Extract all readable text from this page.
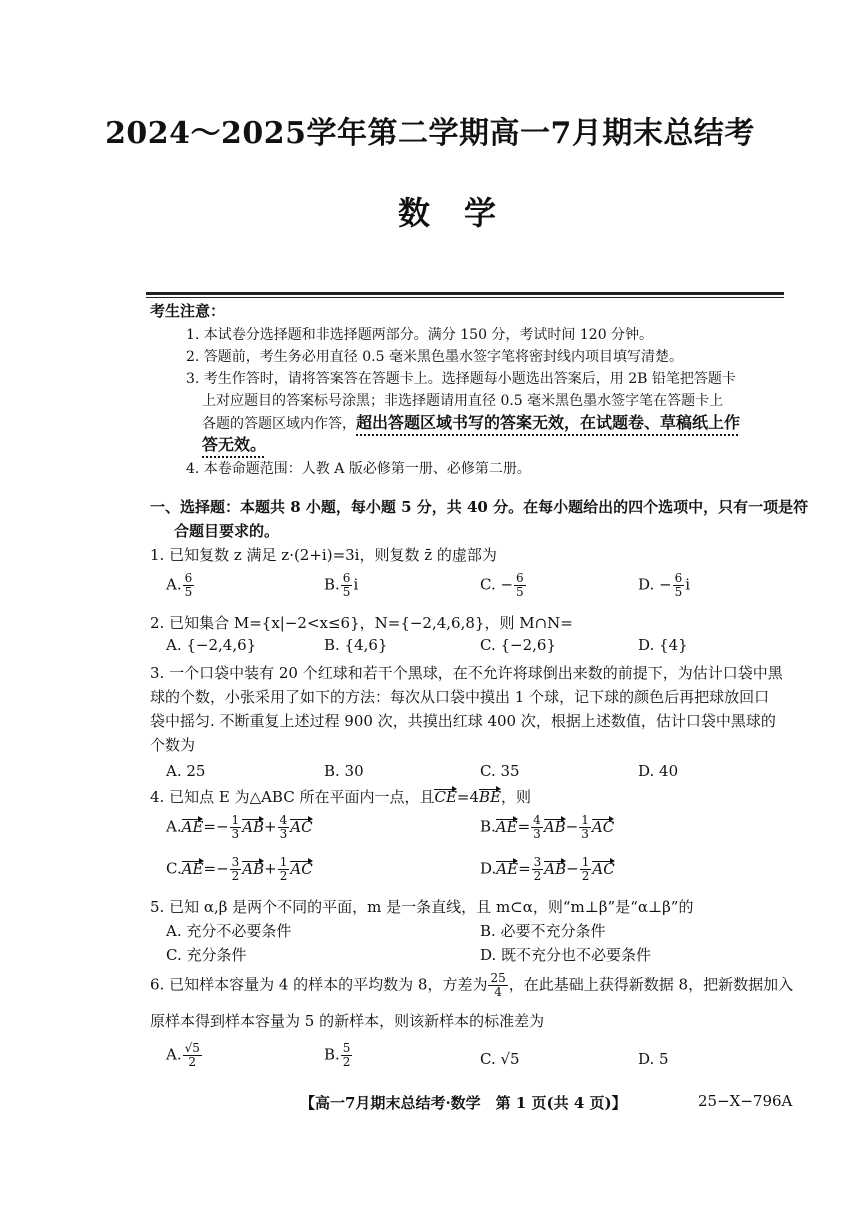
2024～2025学年第二学期高一7月期末总结考
数学
考生注意：
1. 本试卷分选择题和非选择题两部分。满分 150 分，考试时间 120 分钟。
2. 答题前，考生务必用直径 0.5 毫米黑色墨水签字笔将密封线内项目填写清楚。
3. 考生作答时，请将答案答在答题卡上。选择题每小题选出答案后，用 2B 铅笔把答题卡
上对应题目的答案标号涂黑；非选择题请用直径 0.5 毫米黑色墨水签字笔在答题卡上
各题的答题区域内作答，超出答题区域书写的答案无效，在试题卷、草稿纸上作
答无效。
4. 本卷命题范围：人教 A 版必修第一册、必修第二册。
一、选择题：本题共 8 小题，每小题 5 分，共 40 分。在每小题给出的四个选项中，只有一项是符
合题目要求的。
1. 已知复数 z 满足 z·(2+i)=3i，则复数 z̄ 的虚部为
A. $\frac{6}{5}$	B. $\frac{6}{5}$ i	C. − $\frac{6}{5}$	D. − $\frac{6}{5}$ i
2. 已知集合 M={x|−2<x≤6}，N={−2,4,6,8}，则 M∩N=
A. {−2,4,6}	B. {4,6}	C. {−2,6}	D. {4}
3. 一个口袋中装有 20 个红球和若干个黑球，在不允许将球倒出来数的前提下，为估计口袋中黑
球的个数，小张采用了如下的方法：每次从口袋中摸出 1 个球，记下球的颜色后再把球放回口
袋中摇匀. 不断重复上述过程 900 次，共摸出红球 400 次，根据上述数值，估计口袋中黑球的
个数为
A. 25	B. 30	C. 35	D. 40
4. 已知点 E 为△ABC 所在平面内一点，且CE=4BE，则
$A.AE=- \frac{1}{3} AB+ \frac{4}{3}$ AC	$B.AE= \frac{4}{3} AB- \frac{1}{3}$ AC
$C.AE=- \frac{3}{2} AB+ \frac{1}{2}$ AC	$D.AE= \frac{3}{2} AB- \frac{1}{2}$ AC
5. 已知 α,β 是两个不同的平面，m 是一条直线，且 m⊂α，则“m⊥β”是“α⊥β”的
A. 充分不必要条件	B. 必要不充分条件
C. 充分条件	D. 既不充分也不必要条件
6. 已知样本容量为 4 的样本的平均数为 8，方差为 $\frac{25}{4}$ ，在此基础上获得新数据 8，把新数据加入
原样本得到样本容量为 5 的新样本，则该新样本的标准差为
A. $\frac{√5}{2}$	B. $\frac{5}{2}$	C. √5	D. 5
【高一7月期末总结考·数学　第 1 页(共 4 页)】	25−X−796A
